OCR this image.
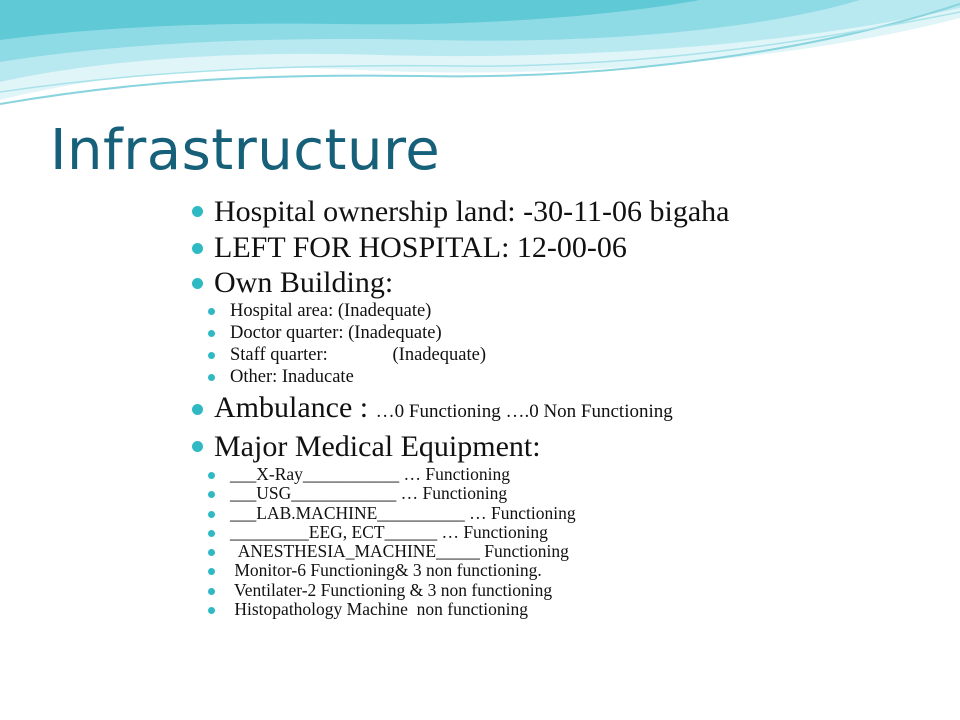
Infrastructure
Hospital ownership land: -30-11-06 bigaha
LEFT FOR HOSPITAL: 12-00-06
Own Building:
Hospital area: (Inadequate)
Doctor quarter: (Inadequate)
Staff quarter:              (Inadequate)
Other: Inaducate
Ambulance : …0 Functioning ….0 Non Functioning
Major Medical Equipment:
___X-Ray___________ … Functioning
___USG____________ … Functioning
___LAB.MACHINE__________ … Functioning
_________EEG, ECT______ … Functioning
ANESTHESIA_MACHINE_____ Functioning
Monitor-6 Functioning& 3 non functioning.
Ventilater-2 Functioning & 3 non functioning
Histopathology Machine  non functioning
